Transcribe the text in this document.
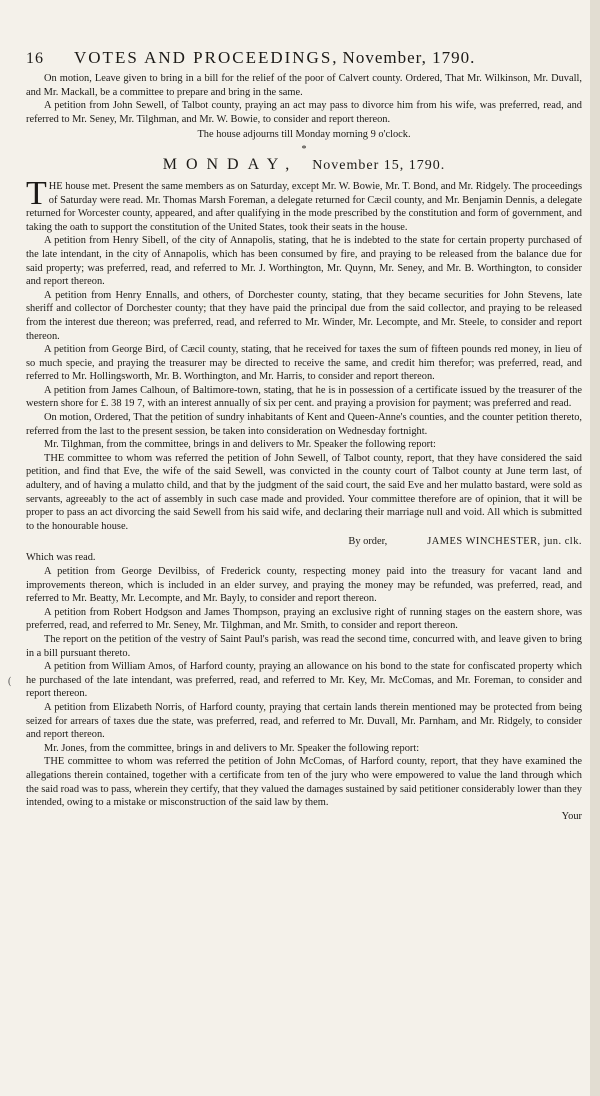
(
16	VOTES AND PROCEEDINGS, November, 1790.

On motion, Leave given to bring in a bill for the relief of the poor of Calvert county. Ordered, That Mr. Wilkinson, Mr. Duvall, and Mr. Mackall, be a committee to prepare and bring in the same.

A petition from John Sewell, of Talbot county, praying an act may pass to divorce him from his wife, was preferred, read, and referred to Mr. Seney, Mr. Tilghman, and Mr. W. Bowie, to consider and report thereon.

The house adjourns till Monday morning 9 o'clock.

*
MONDAY, November 15, 1790.

THE house met. Present the same members as on Saturday, except Mr. W. Bowie, Mr. T. Bond, and Mr. Ridgely. The proceedings of Saturday were read. Mr. Thomas Marsh Foreman, a delegate returned for Cæcil county, and Mr. Benjamin Dennis, a delegate returned for Worcester county, appeared, and after qualifying in the mode prescribed by the constitution and form of government, and taking the oath to support the constitution of the United States, took their seats in the house.

A petition from Henry Sibell, of the city of Annapolis, stating, that he is indebted to the state for certain property purchased of the late intendant, in the city of Annapolis, which has been consumed by fire, and praying to be released from the balance due for said property; was preferred, read, and referred to Mr. J. Worthington, Mr. Quynn, Mr. Seney, and Mr. B. Worthington, to consider and report thereon.

A petition from Henry Ennalls, and others, of Dorchester county, stating, that they became securities for John Stevens, late sheriff and collector of Dorchester county; that they have paid the principal due from the said collector, and praying to be released from the interest due thereon; was preferred, read, and referred to Mr. Winder, Mr. Lecompte, and Mr. Steele, to consider and report thereon.

A petition from George Bird, of Cæcil county, stating, that he received for taxes the sum of fifteen pounds red money, in lieu of so much specie, and praying the treasurer may be directed to receive the same, and credit him therefor; was preferred, read, and referred to Mr. Hollingsworth, Mr. B. Worthington, and Mr. Harris, to consider and report thereon.

A petition from James Calhoun, of Baltimore-town, stating, that he is in possession of a certificate issued by the treasurer of the western shore for £. 38 19 7, with an interest annually of six per cent. and praying a provision for payment; was preferred and read.

On motion, Ordered, That the petition of sundry inhabitants of Kent and Queen-Anne's counties, and the counter petition thereto, referred from the last to the present session, be taken into consideration on Wednesday fortnight.

Mr. Tilghman, from the committee, brings in and delivers to Mr. Speaker the following report:

THE committee to whom was referred the petition of John Sewell, of Talbot county, report, that they have considered the said petition, and find that Eve, the wife of the said Sewell, was convicted in the county court of Talbot county at June term last, of adultery, and of having a mulatto child, and that by the judgment of the said court, the said Eve and her mulatto bastard, were sold as servants, agreeably to the act of assembly in such case made and provided. Your committee therefore are of opinion, that it will be proper to pass an act divorcing the said Sewell from his said wife, and declaring their marriage null and void. All which is submitted to the honourable house.

By order,	JAMES WINCHESTER, jun. clk.

Which was read.

A petition from George Devilbiss, of Frederick county, respecting money paid into the treasury for vacant land and improvements thereon, which is included in an elder survey, and praying the money may be refunded, was preferred, read, and referred to Mr. Beatty, Mr. Lecompte, and Mr. Bayly, to consider and report thereon.

A petition from Robert Hodgson and James Thompson, praying an exclusive right of running stages on the eastern shore, was preferred, read, and referred to Mr. Seney, Mr. Tilghman, and Mr. Smith, to consider and report thereon.

The report on the petition of the vestry of Saint Paul's parish, was read the second time, concurred with, and leave given to bring in a bill pursuant thereto.

A petition from William Amos, of Harford county, praying an allowance on his bond to the state for confiscated property which he purchased of the late intendant, was preferred, read, and referred to Mr. Key, Mr. McComas, and Mr. Foreman, to consider and report thereon.

A petition from Elizabeth Norris, of Harford county, praying that certain lands therein mentioned may be protected from being seized for arrears of taxes due the state, was preferred, read, and referred to Mr. Duvall, Mr. Parnham, and Mr. Ridgely, to consider and report thereon.

Mr. Jones, from the committee, brings in and delivers to Mr. Speaker the following report:

THE committee to whom was referred the petition of John McComas, of Harford county, report, that they have examined the allegations therein contained, together with a certificate from ten of the jury who were empowered to value the land through which the said road was to pass, wherein they certify, that they valued the damages sustained by said petitioner considerably lower than they intended, owing to a mistake or misconstruction of the said law by them.

Your
